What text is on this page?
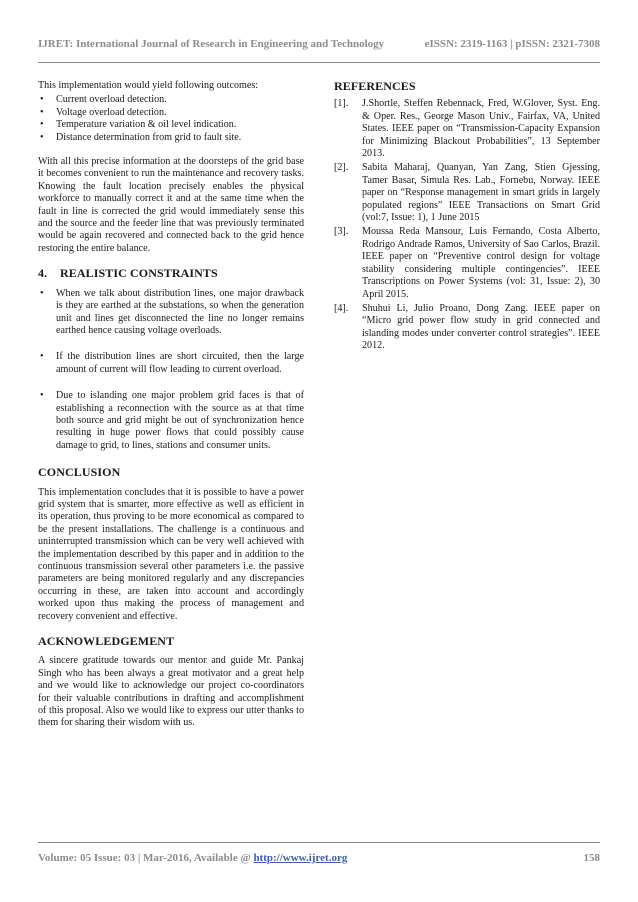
IJRET: International Journal of Research in Engineering and Technology	eISSN: 2319-1163 | pISSN: 2321-7308

This implementation would yield following outcomes:

• Current overload detection.
• Voltage overload detection.
• Temperature variation & oil level indication.
• Distance determination from grid to fault site.

With all this precise information at the doorsteps of the grid base it becomes convenient to run the maintenance and recovery tasks. Knowing the fault location precisely enables the physical workforce to manually correct it and at the same time when the fault in line is corrected the grid would immediately sense this and the source and the feeder line that was previously terminated would be again recovered and connected back to the grid hence restoring the entire balance.

4. REALISTIC CONSTRAINTS
• When we talk about distribution lines, one major drawback is they are earthed at the substations, so when the generation unit and lines get disconnected the line no longer remains earthed hence causing voltage overloads.
• If the distribution lines are short circuited, then the large amount of current will flow leading to current overload.
• Due to islanding one major problem grid faces is that of establishing a reconnection with the source as at that time both source and grid might be out of synchronization hence resulting in huge power flows that could possibly cause damage to grid, to lines, stations and consumer units.
CONCLUSION

This implementation concludes that it is possible to have a power grid system that is smarter, more effective as well as efficient in its operation, thus proving to be more economical as compared to be the present installations. The challenge is a continuous and uninterrupted transmission which can be very well achieved with the implementation described by this paper and in addition to the continuous transmission several other parameters i.e. the passive parameters are being monitored regularly and any discrepancies occurring in these, are taken into account and accordingly worked upon thus making the process of management and recovery convenient and effective.

ACKNOWLEDGEMENT

A sincere gratitude towards our mentor and guide Mr. Pankaj Singh who has been always a great motivator and a great help and we would like to acknowledge our project co-coordinators for their valuable contributions in drafting and accomplishment of this proposal. Also we would like to express our utter thanks to them for sharing their wisdom with us.

REFERENCES
[1].	J.Shortle, Steffen Rebennack, Fred, W.Glover, Syst. Eng. & Oper. Res., George Mason Univ., Fairfax, VA, United States. IEEE paper on “Transmission-Capacity Expansion for Minimizing Blackout Probabilities”, 13 September 2013.
[2].	Sabita Maharaj, Quanyan, Yan Zang, Stien Gjessing, Tamer Basar, Simula Res. Lab., Fornebu, Norway. IEEE paper on “Response management in smart grids in largely populated regions” IEEE Transactions on Smart Grid (vol:7, Issue: 1), 1 June 2015
[3].	Moussa Reda Mansour, Luis Fernando, Costa Alberto, Rodrigo Andrade Ramos, University of Sao Carlos, Brazil. IEEE paper on “Preventive control design for voltage stability considering multiple contingencies”. IEEE Transcriptions on Power Systems (vol: 31, Issue: 2), 30 April 2015.
[4].	Shuhui Li, Julio Proano, Dong Zang. IEEE paper on “Micro grid power flow study in grid connected and islanding modes under converter control strategies”. IEEE 2012.
Volume: 05 Issue: 03 | Mar-2016, Available @ http://www.ijret.org	158
